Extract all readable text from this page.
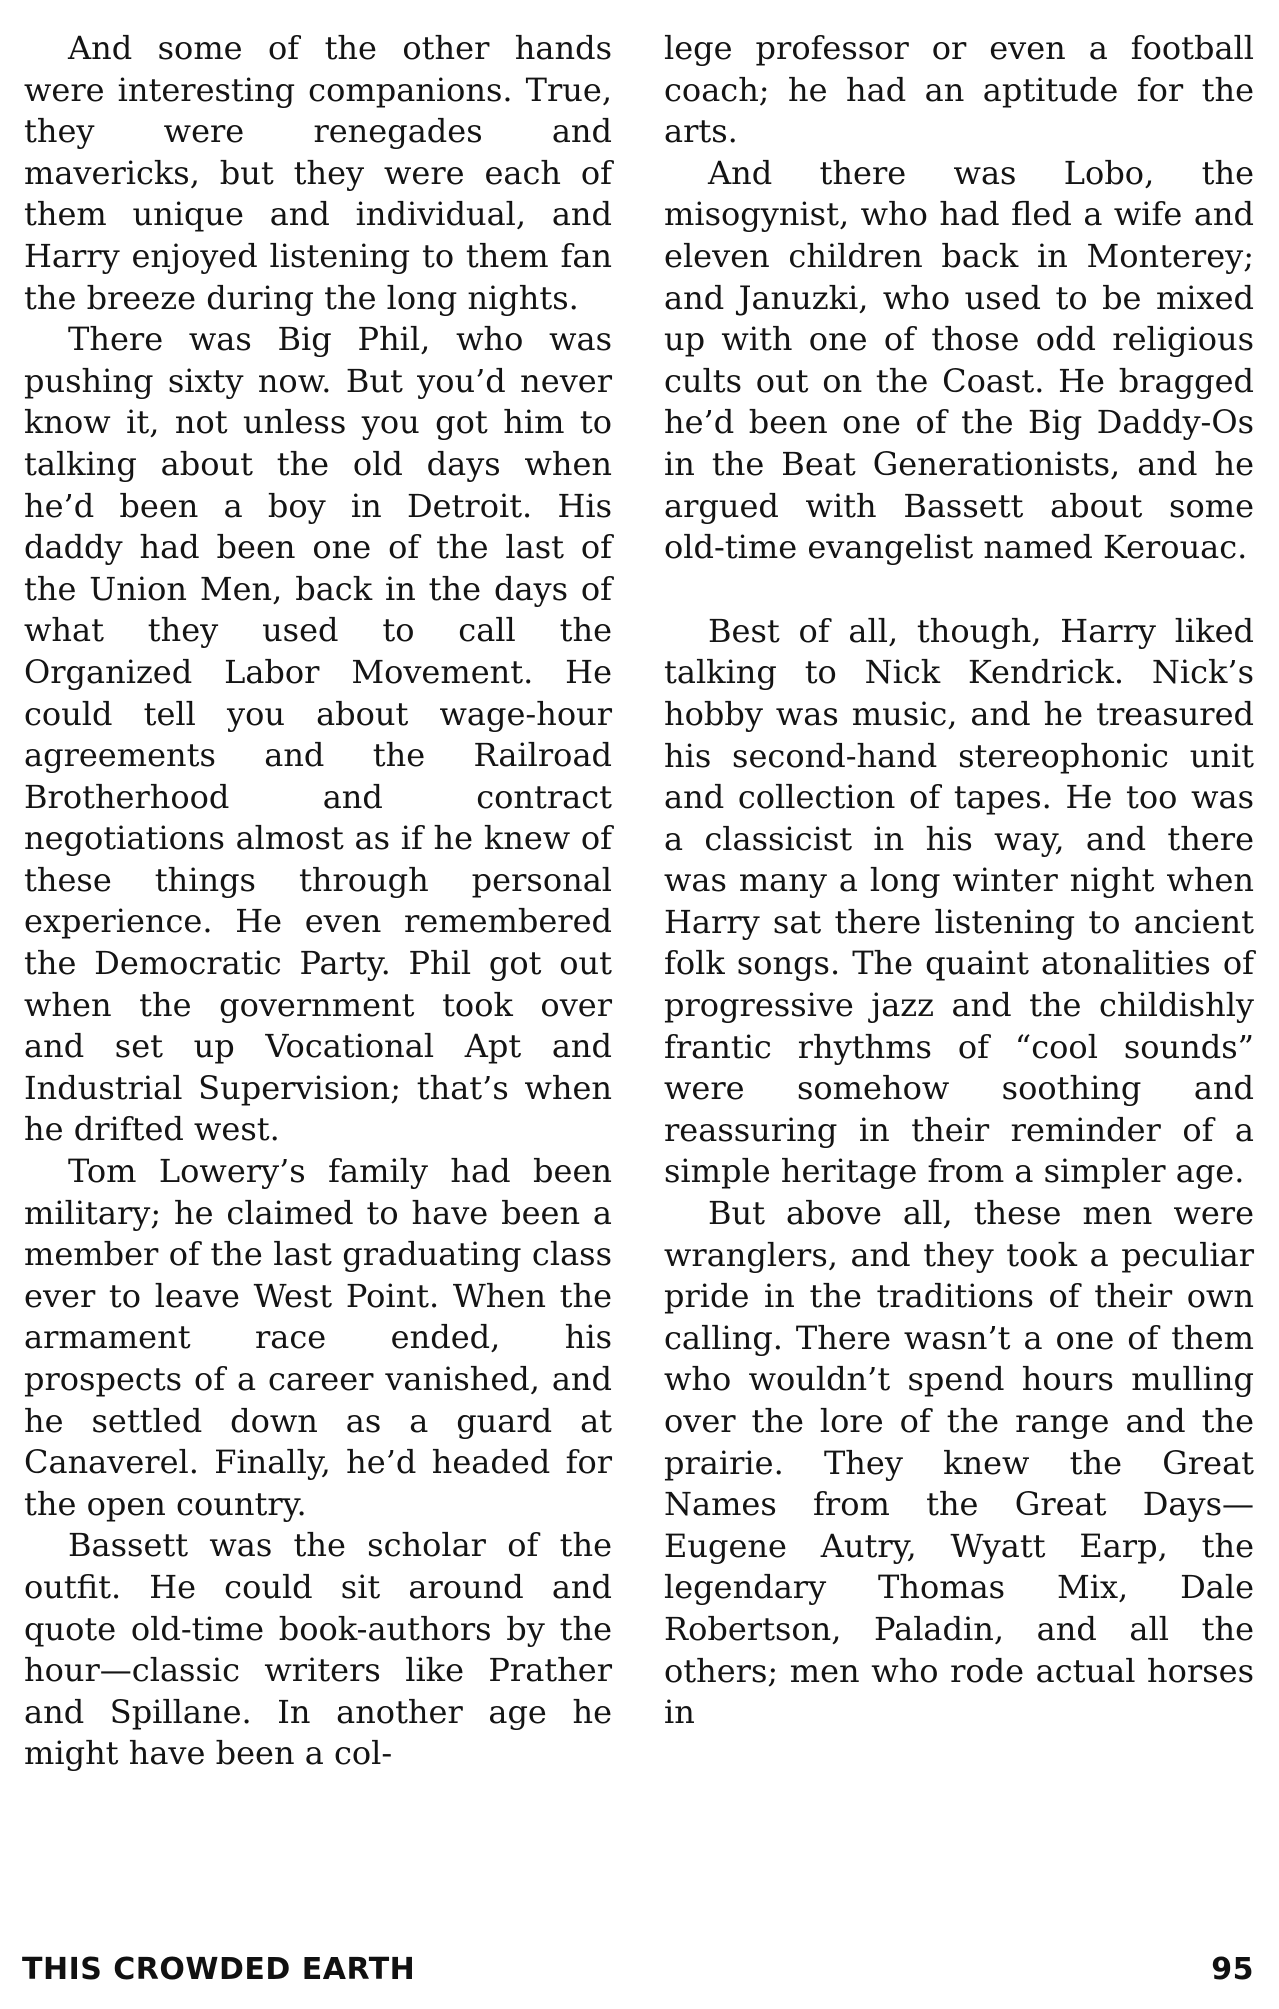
And some of the other hands were interesting companions. True, they were renegades and mavericks, but they were each of them unique and individual, and Harry enjoyed listening to them fan the breeze during the long nights.

There was Big Phil, who was pushing sixty now. But you’d never know it, not unless you got him to talking about the old days when he’d been a boy in Detroit. His daddy had been one of the last of the Union Men, back in the days of what they used to call the Organized Labor Movement. He could tell you about wage-hour agreements and the Railroad Brotherhood and contract negotiations almost as if he knew of these things through personal experience. He even remembered the Democratic Party. Phil got out when the government took over and set up Vocational Apt and Industrial Supervision; that’s when he drifted west.

Tom Lowery’s family had been military; he claimed to have been a member of the last graduating class ever to leave West Point. When the armament race ended, his prospects of a career vanished, and he settled down as a guard at Canaverel. Finally, he’d headed for the open country.

Bassett was the scholar of the outfit. He could sit around and quote old-time book-authors by the hour—classic writers like Prather and Spillane. In another age he might have been a col-

lege professor or even a football coach; he had an aptitude for the arts.

And there was Lobo, the misogynist, who had fled a wife and eleven children back in Monterey; and Januzki, who used to be mixed up with one of those odd religious cults out on the Coast. He bragged he’d been one of the Big Daddy-Os in the Beat Generationists, and he argued with Bassett about some old-time evangelist named Kerouac.

Best of all, though, Harry liked talking to Nick Kendrick. Nick’s hobby was music, and he treasured his second-hand stereophonic unit and collection of tapes. He too was a classicist in his way, and there was many a long winter night when Harry sat there listening to ancient folk songs. The quaint atonalities of progressive jazz and the childishly frantic rhythms of “cool sounds” were somehow soothing and reassuring in their reminder of a simple heritage from a simpler age.

But above all, these men were wranglers, and they took a peculiar pride in the traditions of their own calling. There wasn’t a one of them who wouldn’t spend hours mulling over the lore of the range and the prairie. They knew the Great Names from the Great Days—Eugene Autry, Wyatt Earp, the legendary Thomas Mix, Dale Robertson, Paladin, and all the others; men who rode actual horses in

THIS CROWDED EARTH	95
